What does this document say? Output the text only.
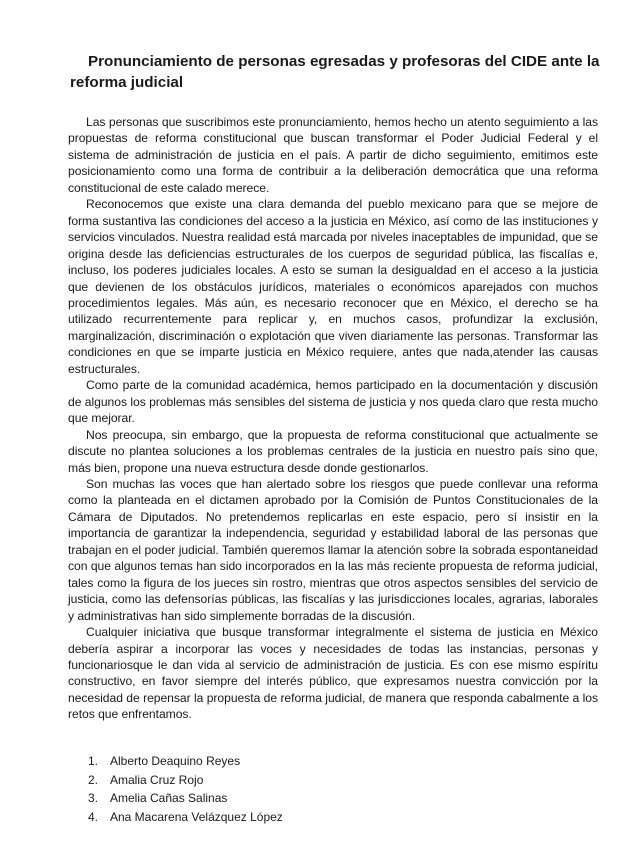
Pronunciamiento de personas egresadas y profesoras del CIDE ante la reforma judicial

Las personas que suscribimos este pronunciamiento, hemos hecho un atento seguimiento a las propuestas de reforma constitucional que buscan transformar el Poder Judicial Federal y el sistema de administración de justicia en el país. A partir de dicho seguimiento, emitimos este posicionamiento como una forma de contribuir a la deliberación democrática que una reforma constitucional de este calado merece.

Reconocemos que existe una clara demanda del pueblo mexicano para que se mejore de forma sustantiva las condiciones del acceso a la justicia en México, así como de las instituciones y servicios vinculados. Nuestra realidad está marcada por niveles inaceptables de impunidad, que se origina desde las deficiencias estructurales de los cuerpos de seguridad pública, las fiscalías e, incluso, los poderes judiciales locales. A esto se suman la desigualdad en el acceso a la justicia que devienen de los obstáculos jurídicos, materiales o económicos aparejados con muchos procedimientos legales. Más aún, es necesario reconocer que en México, el derecho se ha utilizado recurrentemente para replicar y, en muchos casos, profundizar la exclusión, marginalización, discriminación o explotación que viven diariamente las personas. Transformar las condiciones en que se imparte justicia en México requiere, antes que nada,atender las causas estructurales.

Como parte de la comunidad académica, hemos participado en la documentación y discusión de algunos los problemas más sensibles del sistema de justicia y nos queda claro que resta mucho que mejorar.

Nos preocupa, sin embargo, que la propuesta de reforma constitucional que actualmente se discute no plantea soluciones a los problemas centrales de la justicia en nuestro país sino que, más bien, propone una nueva estructura desde donde gestionarlos.

Son muchas las voces que han alertado sobre los riesgos que puede conllevar una reforma como la planteada en el dictamen aprobado por la Comisión de Puntos Constitucionales de la Cámara de Diputados. No pretendemos replicarlas en este espacio, pero sí insistir en la importancia de garantizar la independencia, seguridad y estabilidad laboral de las personas que trabajan en el poder judicial. También queremos llamar la atención sobre la sobrada espontaneidad con que algunos temas han sido incorporados en la las más reciente propuesta de reforma judicial, tales como la figura de los jueces sin rostro, mientras que otros aspectos sensibles del servicio de justicia, como las defensorías públicas, las fiscalías y las jurisdicciones locales, agrarias, laborales y administrativas han sido simplemente borradas de la discusión.

Cualquier iniciativa que busque transformar integralmente el sistema de justicia en México debería aspirar a incorporar las voces y necesidades de todas las instancias, personas y funcionariosque le dan vida al servicio de administración de justicia. Es con ese mismo espíritu constructivo, en favor siempre del interés público, que expresamos nuestra convicción por la necesidad de repensar la propuesta de reforma judicial, de manera que responda cabalmente a los retos que enfrentamos.

1. Alberto Deaquino Reyes
2. Amalia Cruz Rojo
3. Amelia Cañas Salinas
4. Ana Macarena Velázquez López
